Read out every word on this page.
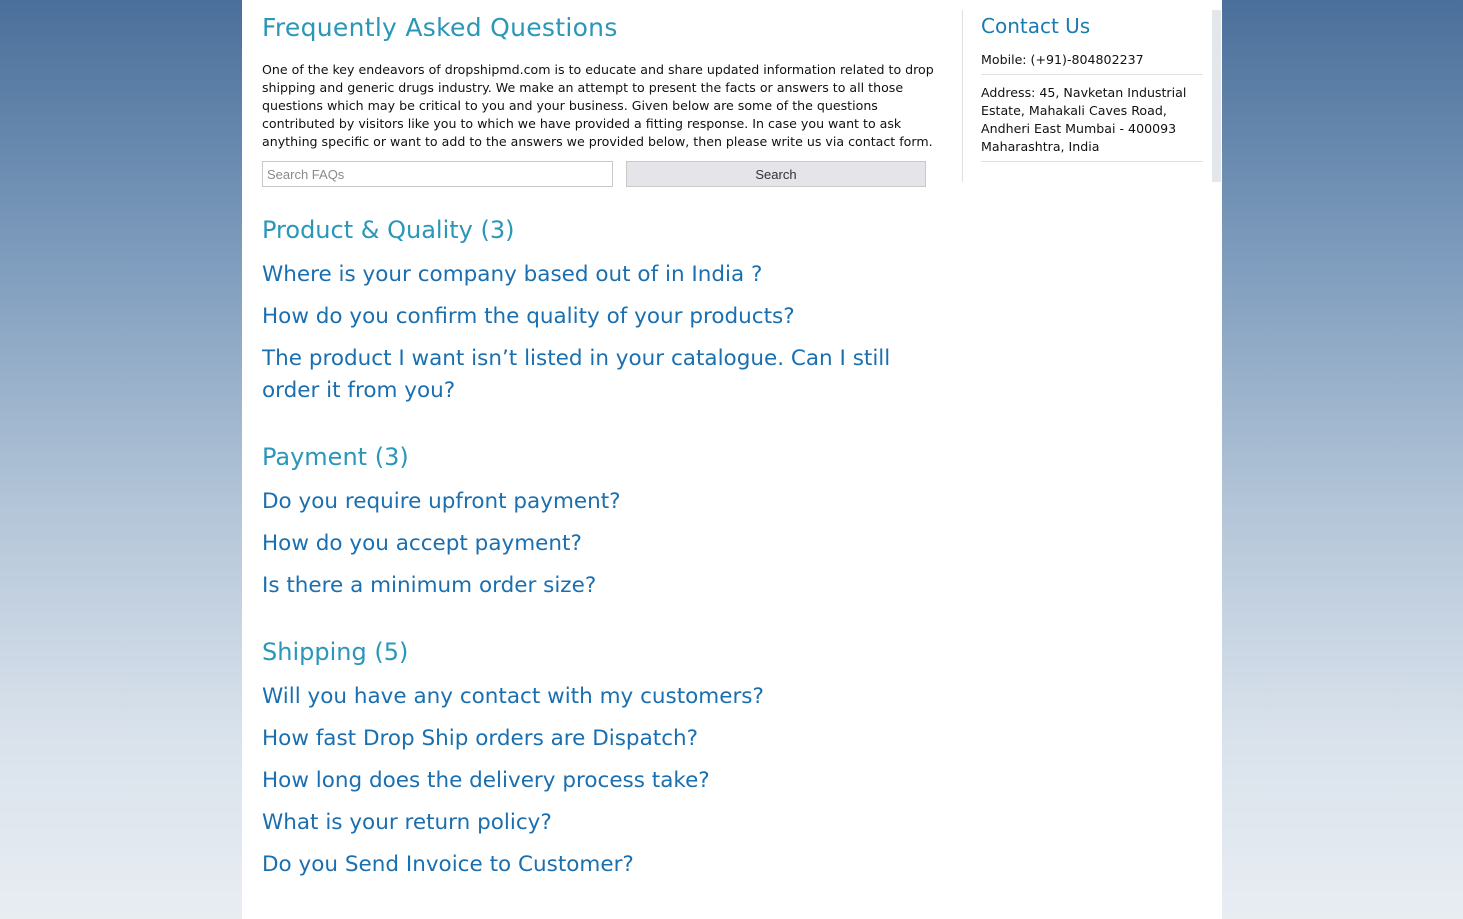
Frequently Asked Questions

One of the key endeavors of dropshipmd.com is to educate and share updated information related to drop shipping and generic drugs industry. We make an attempt to present the facts or answers to all those questions which may be critical to you and your business. Given below are some of the questions contributed by visitors like you to which we have provided a fitting response. In case you want to ask anything specific or want to add to the answers we provided below, then please write us via contact form.

Search FAQs
Search
Product & Quality (3)
Where is your company based out of in India ?
How do you confirm the quality of your products?
The product I want isn’t listed in your catalogue. Can I still order it from you?
Payment (3)
Do you require upfront payment?
How do you accept payment?
Is there a minimum order size?
Shipping (5)
Will you have any contact with my customers?
How fast Drop Ship orders are Dispatch?
How long does the delivery process take?
What is your return policy?
Do you Send Invoice to Customer?
Contact Us
Mobile: (+91)-804802237
Address: 45, Navketan Industrial Estate, Mahakali Caves Road, Andheri East Mumbai - 400093 Maharashtra, India
